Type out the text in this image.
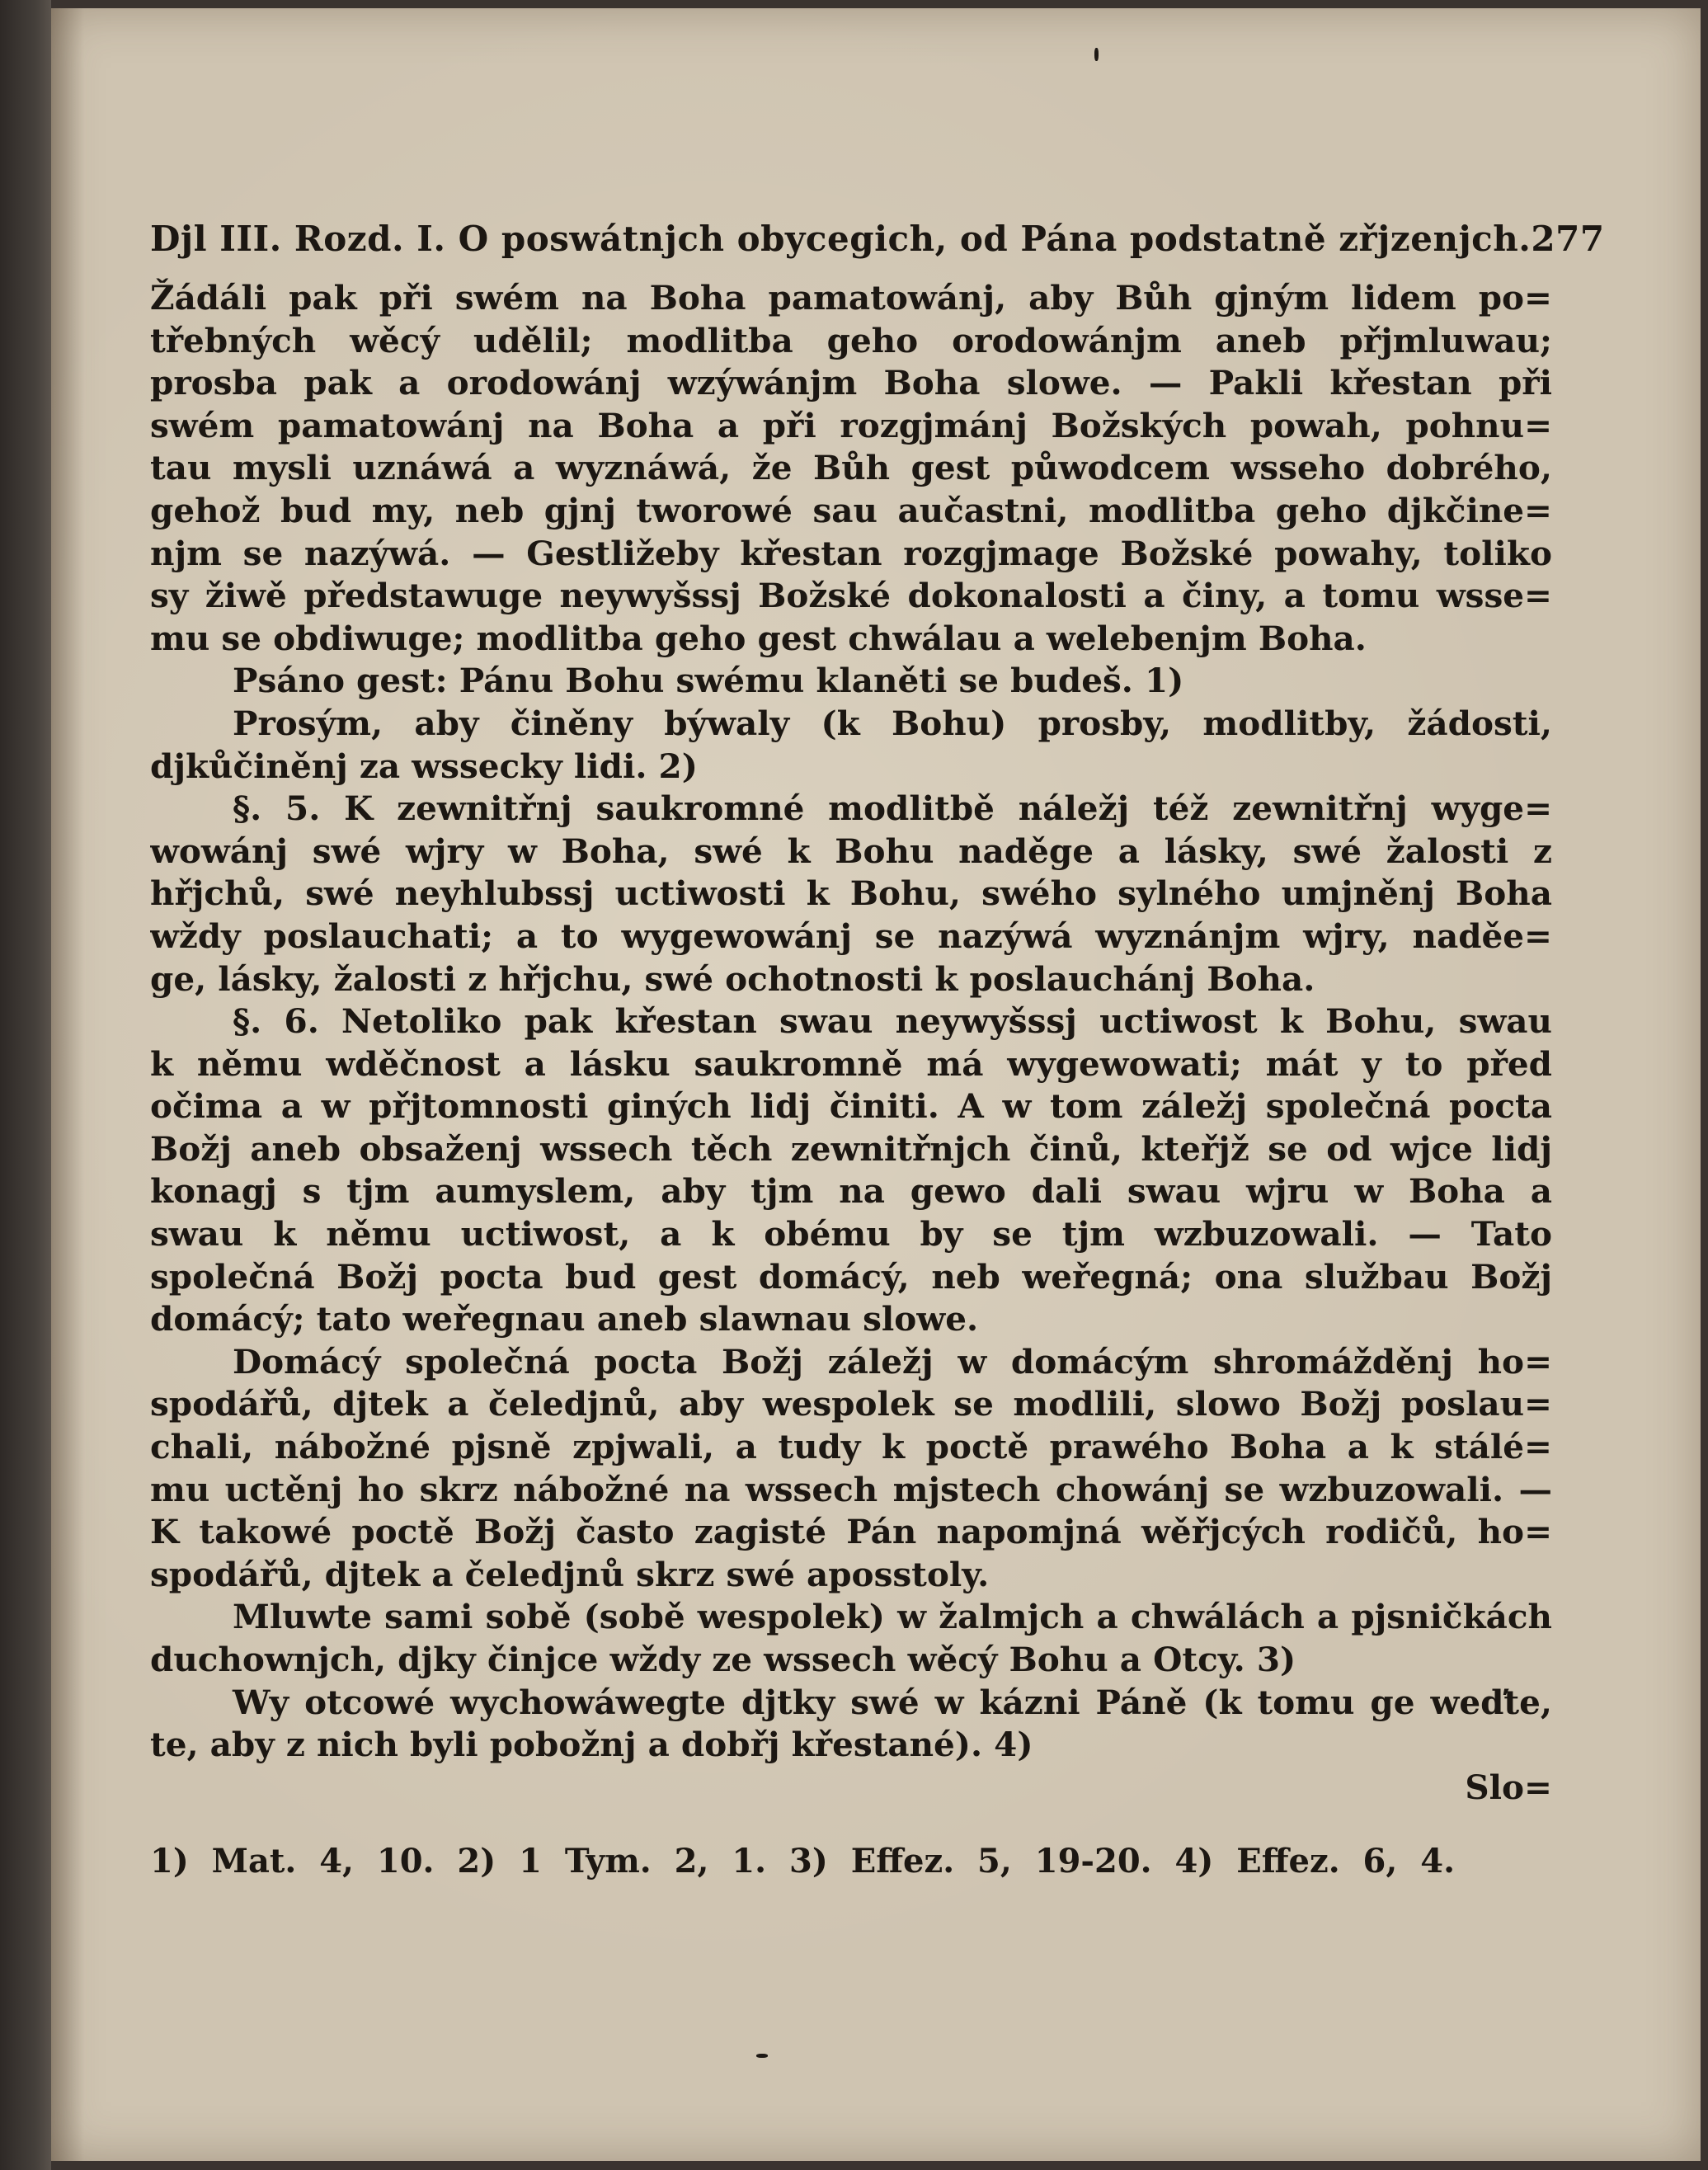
Djl III. Rozd. I. O poswátnjch obycegich, od Pána podstatně zřjzenjch. 277
Žádáli pak při swém na Boha pamatowánj, aby Bůh gjným lidem po=
třebných wěcý udělil; modlitba geho orodowánjm aneb přjmluwau;
prosba pak a orodowánj wzýwánjm Boha slowe. — Pakli křestan při
swém pamatowánj na Boha a při rozgjmánj Božských powah, pohnu=
tau mysli uznáwá a wyznáwá, že Bůh gest půwodcem wsseho dobrého,
gehož bud my, neb gjnj tworowé sau aučastni, modlitba geho djkčine=
njm se nazýwá. — Gestližeby křestan rozgjmage Božské powahy, toliko
sy žiwě předstawuge neywyšssj Božské dokonalosti a činy, a tomu wsse=
mu se obdiwuge; modlitba geho gest chwálau a welebenjm Boha.
Psáno gest: Pánu Bohu swému klaněti se budeš. 1)
Prosým, aby činěny býwaly (k Bohu) prosby, modlitby, žádosti,
djkůčiněnj za wssecky lidi. 2)
§. 5. K zewnitřnj saukromné modlitbě náležj též zewnitřnj wyge=
wowánj swé wjry w Boha, swé k Bohu naděge a lásky, swé žalosti z
hřjchů, swé neyhlubssj uctiwosti k Bohu, swého sylného umjněnj Boha
wždy poslauchati; a to wygewowánj se nazýwá wyznánjm wjry, naděe=
ge, lásky, žalosti z hřjchu, swé ochotnosti k poslauchánj Boha.
§. 6. Netoliko pak křestan swau neywyšssj uctiwost k Bohu, swau
k němu wděčnost a lásku saukromně má wygewowati; mát y to před
očima a w přjtomnosti giných lidj činiti. A w tom záležj společná pocta
Božj aneb obsaženj wssech těch zewnitřnjch činů, kteřjž se od wjce lidj
konagj s tjm aumyslem, aby tjm na gewo dali swau wjru w Boha a
swau k němu uctiwost, a k obému by se tjm wzbuzowali. — Tato
společná Božj pocta bud gest domácý, neb weřegná; ona službau Božj
domácý; tato weřegnau aneb slawnau slowe.
Domácý společná pocta Božj záležj w domácým shromážděnj ho=
spodářů, djtek a čeledjnů, aby wespolek se modlili, slowo Božj poslau=
chali, nábožné pjsně zpjwali, a tudy k poctě prawého Boha a k stálé=
mu uctěnj ho skrz nábožné na wssech mjstech chowánj se wzbuzowali. —
K takowé poctě Božj často zagisté Pán napomjná wěřjcých rodičů, ho=
spodářů, djtek a čeledjnů skrz swé aposstoly.
Mluwte sami sobě (sobě wespolek) w žalmjch a chwálách a pjsničkách
duchownjch, djky činjce wždy ze wssech wěcý Bohu a Otcy. 3)
Wy otcowé wychowáwegte djtky swé w kázni Páně (k tomu ge weďte,
te, aby z nich byli pobožnj a dobřj křestané). 4)
Slo=
1) Mat. 4, 10. 2) 1 Tym. 2, 1. 3) Effez. 5, 19-20. 4) Effez. 6, 4.
